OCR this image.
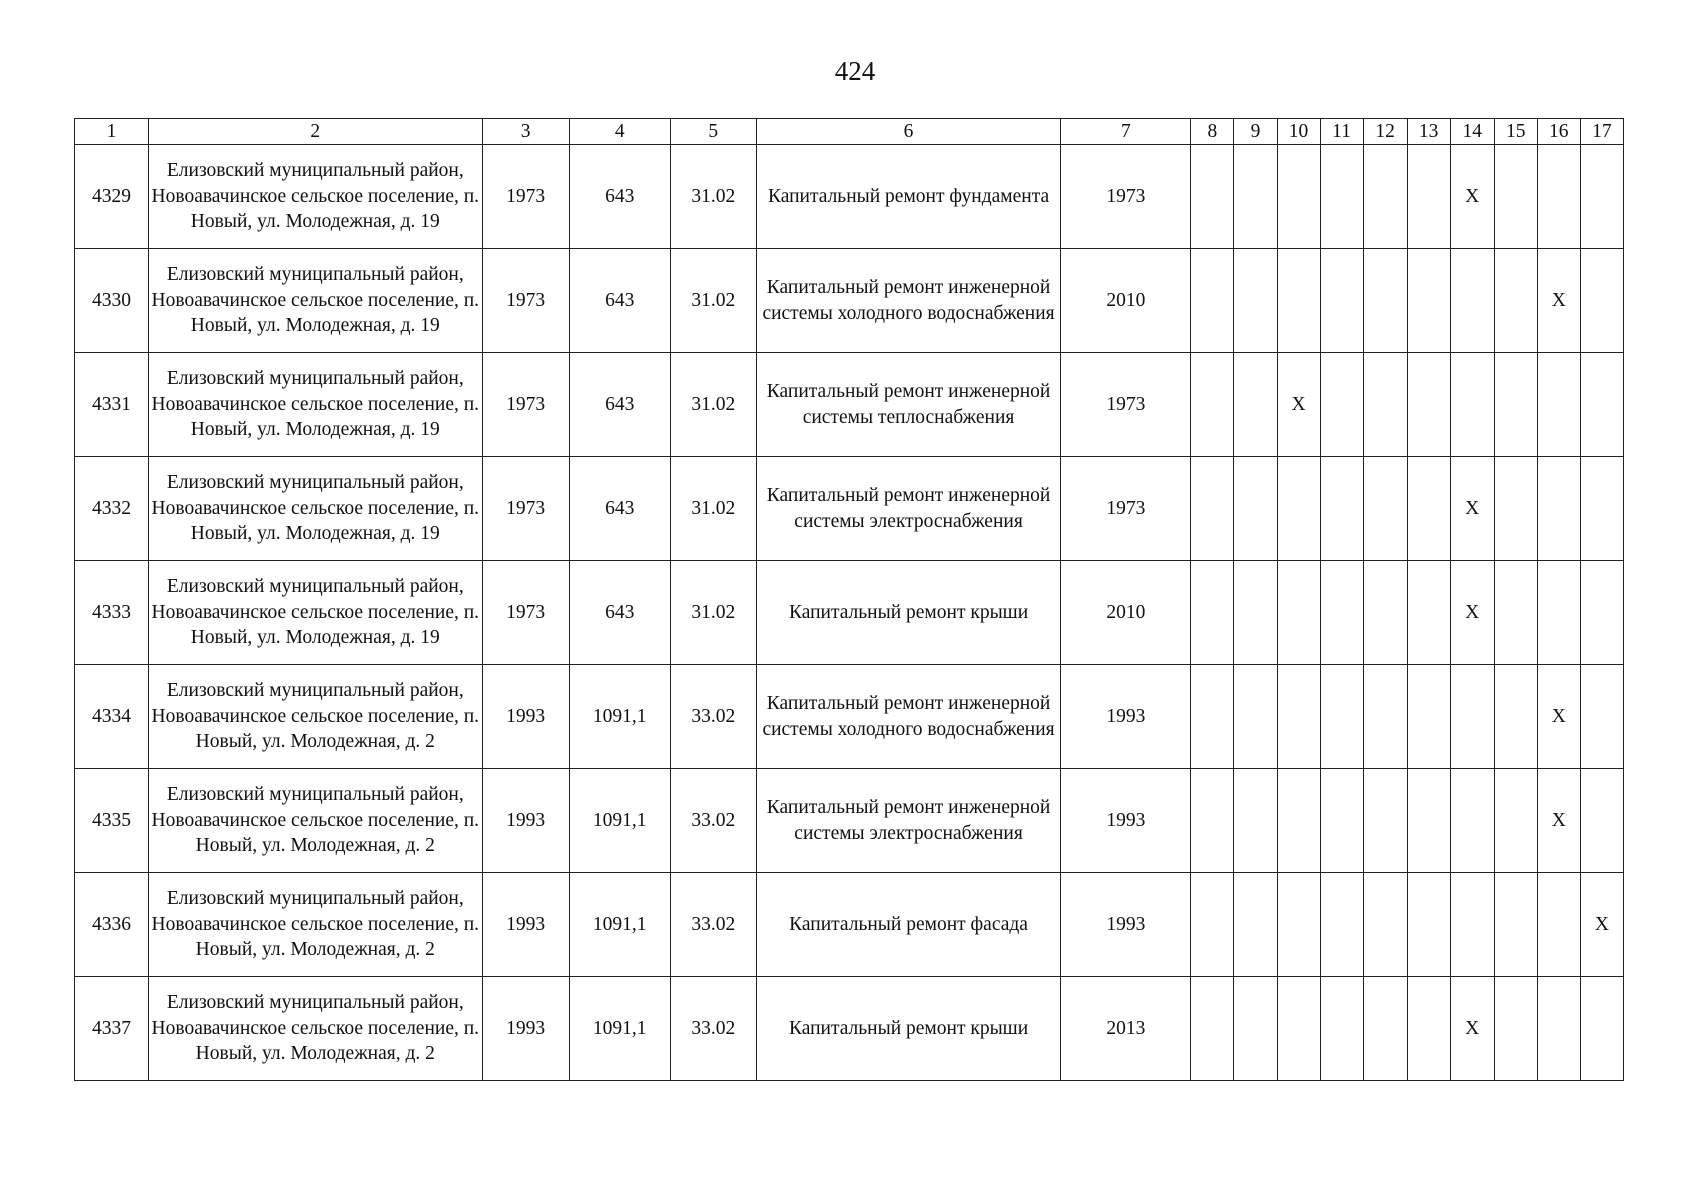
424
1	2	3	4	5	6	7	8	9	10	11	12	13	14	15	16	17
4329	Елизовский муниципальный район, Новоавачинское сельское поселение, п. Новый, ул. Молодежная, д. 19	1973	643	31.02	Капитальный ремонт фундамента	1973							Х			
4330	Елизовский муниципальный район, Новоавачинское сельское поселение, п. Новый, ул. Молодежная, д. 19	1973	643	31.02	Капитальный ремонт инженерной системы холодного водоснабжения	2010									Х	
4331	Елизовский муниципальный район, Новоавачинское сельское поселение, п. Новый, ул. Молодежная, д. 19	1973	643	31.02	Капитальный ремонт инженерной системы теплоснабжения	1973			Х							
4332	Елизовский муниципальный район, Новоавачинское сельское поселение, п. Новый, ул. Молодежная, д. 19	1973	643	31.02	Капитальный ремонт инженерной системы электроснабжения	1973							Х			
4333	Елизовский муниципальный район, Новоавачинское сельское поселение, п. Новый, ул. Молодежная, д. 19	1973	643	31.02	Капитальный ремонт крыши	2010							Х			
4334	Елизовский муниципальный район, Новоавачинское сельское поселение, п. Новый, ул. Молодежная, д. 2	1993	1091,1	33.02	Капитальный ремонт инженерной системы холодного водоснабжения	1993									Х	
4335	Елизовский муниципальный район, Новоавачинское сельское поселение, п. Новый, ул. Молодежная, д. 2	1993	1091,1	33.02	Капитальный ремонт инженерной системы электроснабжения	1993									Х	
4336	Елизовский муниципальный район, Новоавачинское сельское поселение, п. Новый, ул. Молодежная, д. 2	1993	1091,1	33.02	Капитальный ремонт фасада	1993										Х
4337	Елизовский муниципальный район, Новоавачинское сельское поселение, п. Новый, ул. Молодежная, д. 2	1993	1091,1	33.02	Капитальный ремонт крыши	2013							Х			
